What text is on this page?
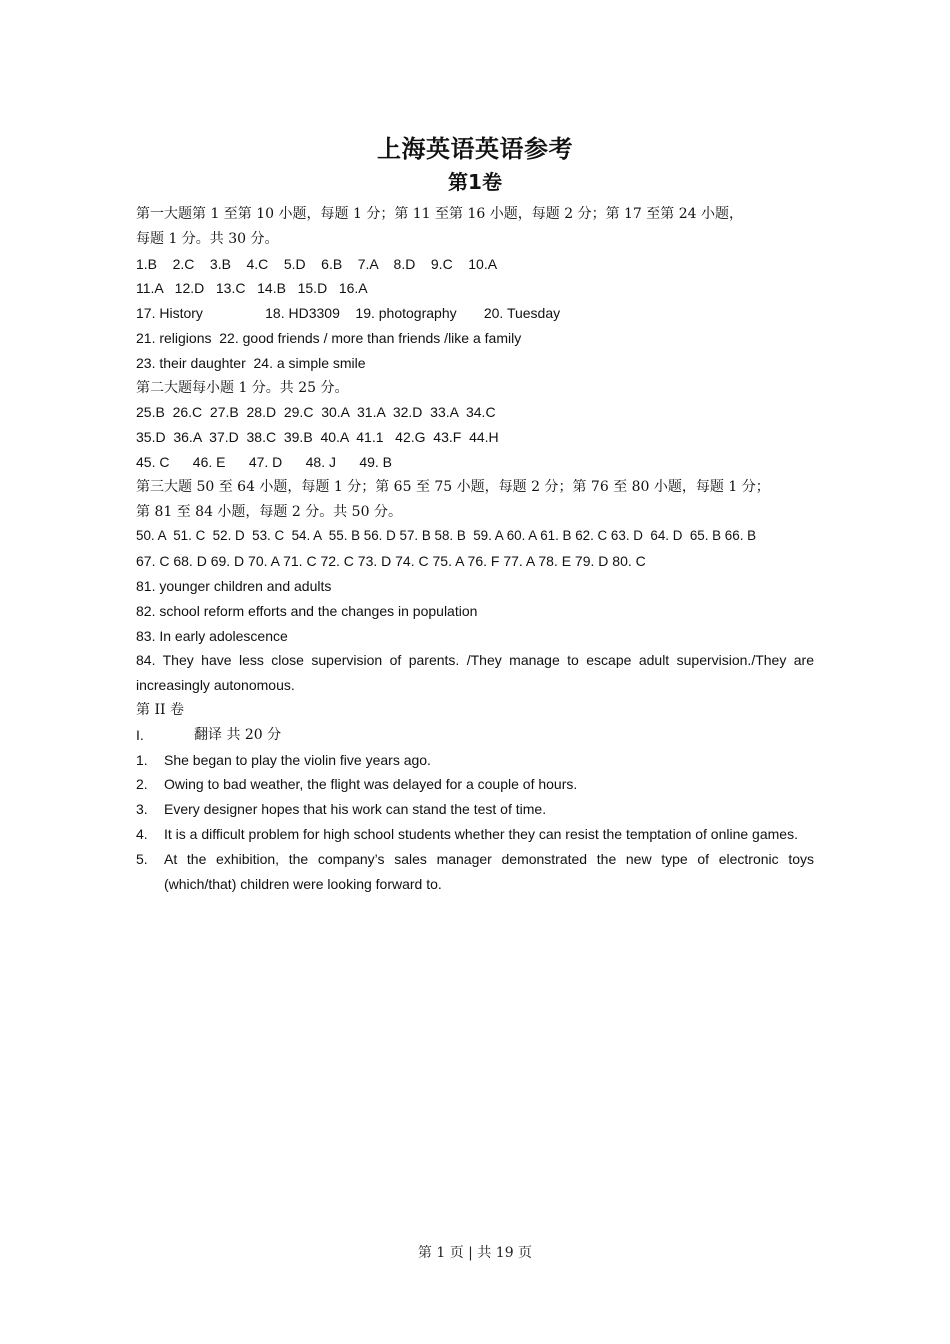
上海英语英语参考
第1卷

第一大题第 1 至第 10 小题，每题 1 分；第 11 至第 16 小题，每题 2 分；第 17 至第 24 小题，

每题 1 分。共 30 分。

1.B    2.C    3.B    4.C    5.D    6.B    7.A    8.D    9.C    10.A

11.A   12.D   13.C   14.B   15.D   16.A

17. History                18. HD3309    19. photography       20. Tuesday

21. religions  22. good friends / more than friends /like a family

23. their daughter  24. a simple smile

第二大题每小题 1 分。共 25 分。

25.B  26.C  27.B  28.D  29.C  30.A  31.A  32.D  33.A  34.C

35.D  36.A  37.D  38.C  39.B  40.A  41.1   42.G  43.F  44.H

45. C      46. E      47. D      48. J      49. B

第三大题 50 至 64 小题，每题 1 分；第 65 至 75 小题，每题 2 分；第 76 至 80 小题，每题 1 分；

第 81 至 84 小题，每题 2 分。共 50 分。

50. A  51. C  52. D  53. C  54. A  55. B 56. D 57. B 58. B  59. A 60. A 61. B 62. C 63. D  64. D  65. B 66. B

67. C 68. D 69. D 70. A 71. C 72. C 73. D 74. C 75. A 76. F 77. A 78. E 79. D 80. C

81. younger children and adults

82. school reform efforts and the changes in population

83. In early adolescence

84. They have less close supervision of parents. /They manage to escape adult supervision./They are increasingly autonomous.

第 II 卷

I.	翻译 共 20 分
1.	She began to play the violin five years ago.
2.	Owing to bad weather, the flight was delayed for a couple of hours.
3.	Every designer hopes that his work can stand the test of time.
4.	It is a difficult problem for high school students whether they can resist the temptation of online games.
5.	At the exhibition, the company’s sales manager demonstrated the new type of electronic toys (which/that) children were looking forward to.
第 1 页 | 共 19 页
